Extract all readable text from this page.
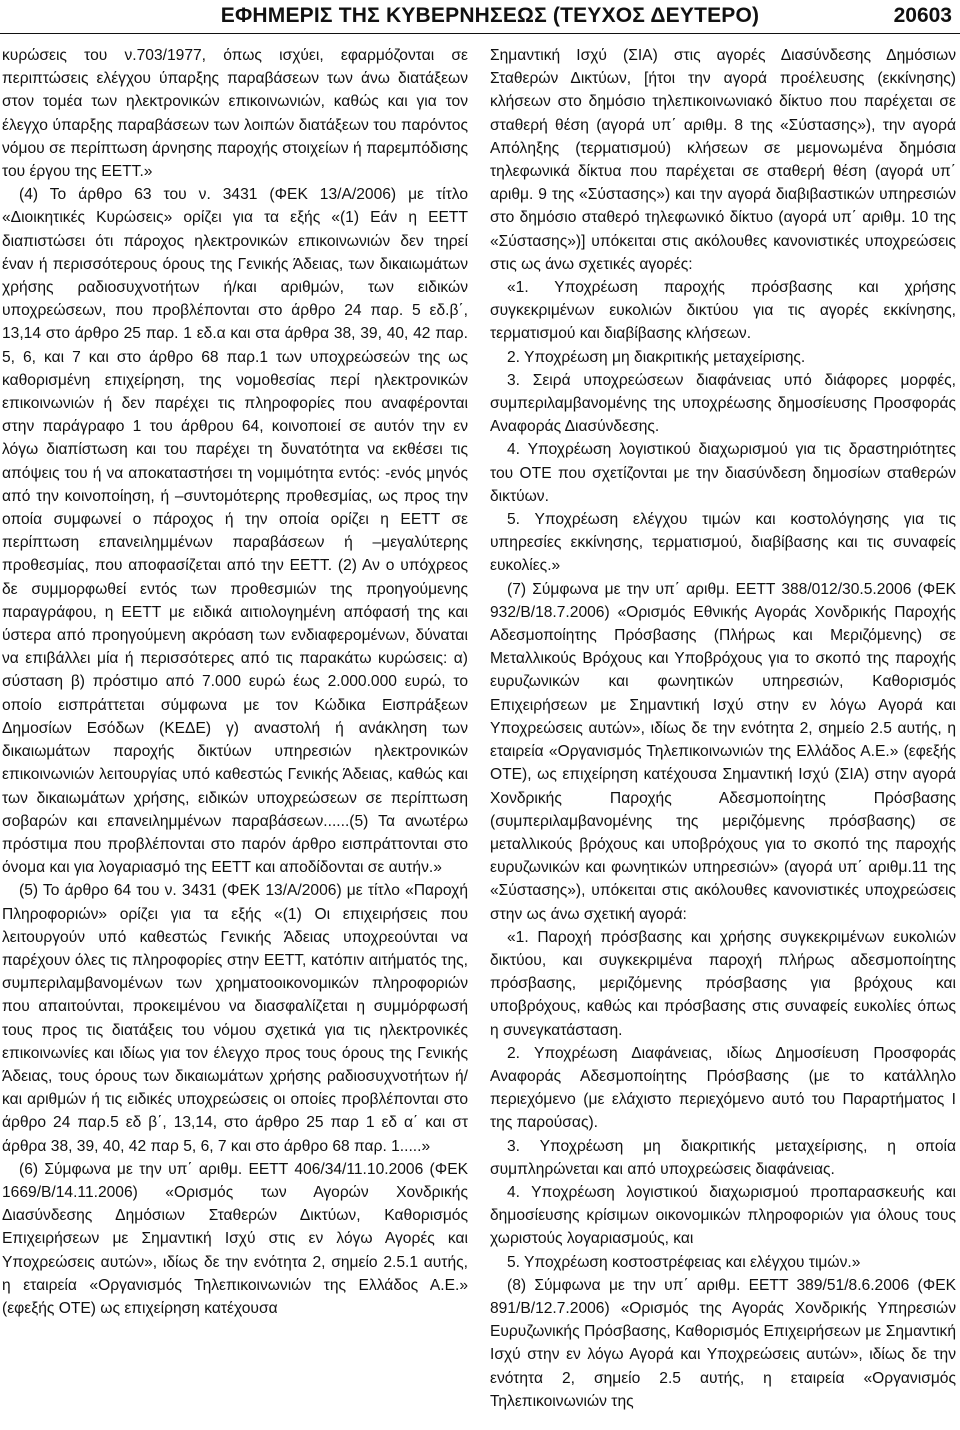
ΕΦΗΜΕΡΙΣ ΤΗΣ ΚΥΒΕΡΝΗΣΕΩΣ (ΤΕΥΧΟΣ ΔΕΥΤΕΡΟ)	20603

κυρώσεις του ν.703/1977, όπως ισχύει, εφαρμόζονται σε περιπτώσεις ελέγχου ύπαρξης παραβάσεων των άνω διατάξεων στον τομέα των ηλεκτρονικών επικοινωνιών, καθώς και για τον έλεγχο ύπαρξης παραβάσεων των λοιπών διατάξεων του παρόντος νόμου σε περίπτωση άρνησης παροχής στοιχείων ή παρεμπόδισης του έργου της ΕΕΤΤ.»

(4) Το άρθρο 63 του ν. 3431 (ΦΕΚ 13/Α/2006) με τίτλο «Διοικητικές Κυρώσεις» ορίζει για τα εξής «(1) Εάν η ΕΕΤΤ διαπιστώσει ότι πάροχος ηλεκτρονικών επικοινωνιών δεν τηρεί έναν ή περισσότερους όρους της Γενικής Άδειας, των δικαιωμάτων χρήσης ραδιοσυχνοτήτων ή/και αριθμών, των ειδικών υποχρεώσεων, που προβλέπονται στο άρθρο 24 παρ. 5 εδ.β΄, 13,14 στο άρθρο 25 παρ. 1 εδ.α και στα άρθρα 38, 39, 40, 42 παρ. 5, 6, και 7 και στο άρθρο 68 παρ.1 των υποχρεώσεών της ως καθορισμένη επιχείρηση, της νομοθεσίας περί ηλεκτρονικών επικοινωνιών ή δεν παρέχει τις πληροφορίες που αναφέρονται στην παράγραφο 1 του άρθρου 64, κοινοποιεί σε αυτόν την εν λόγω διαπίστωση και του παρέχει τη δυνατότητα να εκθέσει τις απόψεις του ή να αποκαταστήσει τη νομιμότητα εντός: -ενός μηνός από την κοινοποίηση, ή –συντομότερης προθεσμίας, ως προς την οποία συμφωνεί ο πάροχος ή την οποία ορίζει η ΕΕΤΤ σε περίπτωση επανειλημμένων παραβάσεων ή –μεγαλύτερης προθεσμίας, που αποφασίζεται από την ΕΕΤΤ. (2) Αν ο υπόχρεος δε συμμορφωθεί εντός των προθεσμιών της προηγούμενης παραγράφου, η ΕΕΤΤ με ειδικά αιτιολογημένη απόφασή της και ύστερα από προηγούμενη ακρόαση των ενδιαφερομένων, δύναται να επιβάλλει μία ή περισσότερες από τις παρακάτω κυρώσεις: α) σύσταση β) πρόστιμο από 7.000 ευρώ έως 2.000.000 ευρώ, το οποίο εισπράττεται σύμφωνα με τον Κώδικα Εισπράξεων Δημοσίων Εσόδων (ΚΕΔΕ) γ) αναστολή ή ανάκληση των δικαιωμάτων παροχής δικτύων υπηρεσιών ηλεκτρονικών επικοινωνιών λειτουργίας υπό καθεστώς Γενικής Άδειας, καθώς και των δικαιωμάτων χρήσης, ειδικών υποχρεώσεων σε περίπτωση σοβαρών και επανειλημμένων παραβάσεων......(5) Τα ανωτέρω πρόστιμα που προβλέπονται στο παρόν άρθρο εισπράττονται στο όνομα και για λογαριασμό της ΕΕΤΤ και αποδίδονται σε αυτήν.»

(5) Το άρθρο 64 του ν. 3431 (ΦΕΚ 13/Α/2006) με τίτλο «Παροχή Πληροφοριών» ορίζει για τα εξής «(1) Οι επιχειρήσεις που λειτουργούν υπό καθεστώς Γενικής Άδειας υποχρεούνται να παρέχουν όλες τις πληροφορίες στην ΕΕΤΤ, κατόπιν αιτήματός της, συμπεριλαμβανομένων των χρηματοοικονομικών πληροφοριών που απαιτούνται, προκειμένου να διασφαλίζεται η συμμόρφωσή τους προς τις διατάξεις του νόμου σχετικά για τις ηλεκτρονικές επικοινωνίες και ιδίως για τον έλεγχο προς τους όρους της Γενικής Άδειας, τους όρους των δικαιωμάτων χρήσης ραδιοσυχνοτήτων ή/και αριθμών ή τις ειδικές υποχρεώσεις οι οποίες προβλέπονται στο άρθρο 24 παρ.5 εδ β΄, 13,14, στο άρθρο 25 παρ 1 εδ α΄ και στ άρθρα 38, 39, 40, 42 παρ 5, 6, 7 και στο άρθρο 68 παρ. 1.....»

(6) Σύμφωνα με την υπ΄ αριθμ. ΕΕΤΤ 406/34/11.10.2006 (ΦΕΚ 1669/Β/14.11.2006) «Ορισμός των Αγορών Χονδρικής Διασύνδεσης Δημόσιων Σταθερών Δικτύων, Καθορισμός Επιχειρήσεων με Σημαντική Ισχύ στις εν λόγω Αγορές και Υποχρεώσεις αυτών», ιδίως δε την ενότητα 2, σημείο 2.5.1 αυτής, η εταιρεία «Οργανισμός Τηλεπικοινωνιών της Ελλάδος Α.Ε.» (εφεξής ΟΤΕ) ως επιχείρηση κατέχουσα

Σημαντική Ισχύ (ΣΙΑ) στις αγορές Διασύνδεσης Δημόσιων Σταθερών Δικτύων, [ήτοι την αγορά προέλευσης (εκκίνησης) κλήσεων στο δημόσιο τηλεπικοινωνιακό δίκτυο που παρέχεται σε σταθερή θέση (αγορά υπ΄ αριθμ. 8 της «Σύστασης»), την αγορά Απόληξης (τερματισμού) κλήσεων σε μεμονωμένα δημόσια τηλεφωνικά δίκτυα που παρέχεται σε σταθερή θέση (αγορά υπ΄ αριθμ. 9 της «Σύστασης») και την αγορά διαβιβαστικών υπηρεσιών στο δημόσιο σταθερό τηλεφωνικό δίκτυο (αγορά υπ΄ αριθμ. 10 της «Σύστασης»)] υπόκειται στις ακόλουθες κανονιστικές υποχρεώσεις στις ως άνω σχετικές αγορές:

«1. Υποχρέωση παροχής πρόσβασης και χρήσης συγκεκριμένων ευκολιών δικτύου για τις αγορές εκκίνησης, τερματισμού και διαβίβασης κλήσεων.

2. Υποχρέωση μη διακριτικής μεταχείρισης.

3. Σειρά υποχρεώσεων διαφάνειας υπό διάφορες μορφές, συμπεριλαμβανομένης της υποχρέωσης δημοσίευσης Προσφοράς Αναφοράς Διασύνδεσης.

4. Υποχρέωση λογιστικού διαχωρισμού για τις δραστηριότητες του ΟΤΕ που σχετίζονται με την διασύνδεση δημοσίων σταθερών δικτύων.

5. Υποχρέωση ελέγχου τιμών και κοστολόγησης για τις υπηρεσίες εκκίνησης, τερματισμού, διαβίβασης και τις συναφείς ευκολίες.»

(7) Σύμφωνα με την υπ΄ αριθμ. ΕΕΤΤ 388/012/30.5.2006 (ΦΕΚ 932/Β/18.7.2006) «Ορισμός Εθνικής Αγοράς Χονδρικής Παροχής Αδεσμοποίητης Πρόσβασης (Πλήρως και Μεριζόμενης) σε Μεταλλικούς Βρόχους και Υποβρόχους για το σκοπό της παροχής ευρυζωνικών και φωνητικών υπηρεσιών, Καθορισμός Επιχειρήσεων με Σημαντική Ισχύ στην εν λόγω Αγορά και Υποχρεώσεις αυτών», ιδίως δε την ενότητα 2, σημείο 2.5 αυτής, η εταιρεία «Οργανισμός Τηλεπικοινωνιών της Ελλάδος Α.Ε.» (εφεξής ΟΤΕ), ως επιχείρηση κατέχουσα Σημαντική Ισχύ (ΣΙΑ) στην αγορά Χονδρικής Παροχής Αδεσμοποίητης Πρόσβασης (συμπεριλαμβανομένης της μεριζόμενης πρόσβασης) σε μεταλλικούς βρόχους και υποβρόχους για το σκοπό της παροχής ευρυζωνικών και φωνητικών υπηρεσιών» (αγορά υπ΄ αριθμ.11 της «Σύστασης»), υπόκειται στις ακόλουθες κανονιστικές υποχρεώσεις στην ως άνω σχετική αγορά:

«1. Παροχή πρόσβασης και χρήσης συγκεκριμένων ευκολιών δικτύου, και συγκεκριμένα παροχή πλήρως αδεσμοποίητης πρόσβασης, μεριζόμενης πρόσβασης για βρόχους και υποβρόχους, καθώς και πρόσβασης στις συναφείς ευκολίες όπως η συνεγκατάσταση.

2. Υποχρέωση Διαφάνειας, ιδίως Δημοσίευση Προσφοράς Αναφοράς Αδεσμοποίητης Πρόσβασης (με το κατάλληλο περιεχόμενο (με ελάχιστο περιεχόμενο αυτό του Παραρτήματος Ι της παρούσας).

3. Υποχρέωση μη διακριτικής μεταχείρισης, η οποία συμπληρώνεται και από υποχρεώσεις διαφάνειας.

4. Υποχρέωση λογιστικού διαχωρισμού προπαρασκευής και δημοσίευσης κρίσιμων οικονομικών πληροφοριών για όλους τους χωριστούς λογαριασμούς, και

5. Υποχρέωση κοστοστρέφειας και ελέγχου τιμών.»

(8) Σύμφωνα με την υπ΄ αριθμ. ΕΕΤΤ 389/51/8.6.2006 (ΦΕΚ 891/Β/12.7.2006) «Ορισμός της Αγοράς Χονδρικής Υπηρεσιών Ευρυζωνικής Πρόσβασης, Καθορισμός Επιχειρήσεων με Σημαντική Ισχύ στην εν λόγω Αγορά και Υποχρεώσεις αυτών», ιδίως δε την ενότητα 2, σημείο 2.5 αυτής, η εταιρεία «Οργανισμός Τηλεπικοινωνιών της
